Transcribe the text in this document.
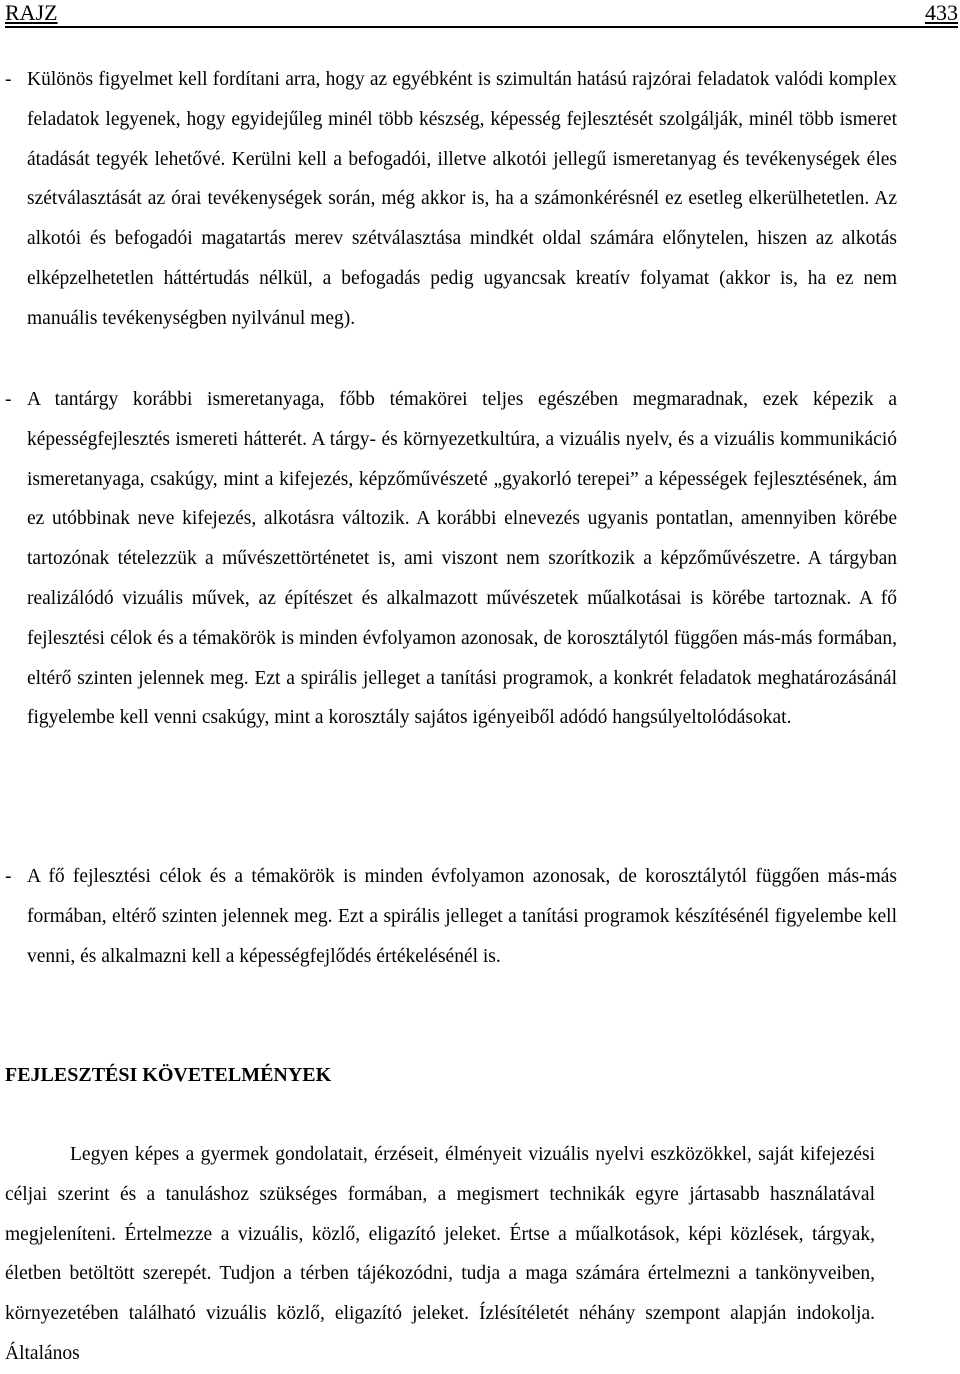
RAJZ	433
- Különös figyelmet kell fordítani arra, hogy az egyébként is szimultán hatású rajzórai feladatok valódi komplex feladatok legyenek, hogy egyidejűleg minél több készség, képesség fejlesztését szolgálják, minél több ismeret átadását tegyék lehetővé. Kerülni kell a befogadói, illetve alkotói jellegű ismeretanyag és tevékenységek éles szétválasztását az órai tevékenységek során, még akkor is, ha a számonkérésnél ez esetleg elkerülhetetlen. Az alkotói és befogadói magatartás merev szétválasztása mindkét oldal számára előnytelen, hiszen az alkotás elképzelhetetlen háttértudás nélkül, a befogadás pedig ugyancsak kreatív folyamat (akkor is, ha ez nem manuális tevékenységben nyilvánul meg).
- A tantárgy korábbi ismeretanyaga, főbb témakörei teljes egészében megmaradnak, ezek képezik a képességfejlesztés ismereti hátterét. A tárgy- és környezetkultúra, a vizuális nyelv, és a vizuális kommunikáció ismeretanyaga, csakúgy, mint a kifejezés, képzőművészeté „gyakorló terepei” a képességek fejlesztésének, ám ez utóbbinak neve kifejezés, alkotásra változik. A korábbi elnevezés ugyanis pontatlan, amennyiben körébe tartozónak tételezzük a művészettörténetet is, ami viszont nem szorítkozik a képzőművészetre. A tárgyban realizálódó vizuális művek, az építészet és alkalmazott művészetek műalkotásai is körébe tartoznak. A fő fejlesztési célok és a témakörök is minden évfolyamon azonosak, de korosztálytól függően más-más formában, eltérő szinten jelennek meg. Ezt a spirális jelleget a tanítási programok, a konkrét feladatok meghatározásánál figyelembe kell venni csakúgy, mint a korosztály sajátos igényeiből adódó hangsúlyeltolódásokat.
- A fő fejlesztési célok és a témakörök is minden évfolyamon azonosak, de korosztálytól függően más-más formában, eltérő szinten jelennek meg. Ezt a spirális jelleget a tanítási programok készítésénél figyelembe kell venni, és alkalmazni kell a képességfejlődés értékelésénél is.
FEJLESZTÉSI KÖVETELMÉNYEK
Legyen képes a gyermek gondolatait, érzéseit, élményeit vizuális nyelvi eszközökkel, saját kifejezési céljai szerint és a tanuláshoz szükséges formában, a megismert technikák egyre jártasabb használatával megjeleníteni. Értelmezze a vizuális, közlő, eligazító jeleket. Értse a műalkotások, képi közlések, tárgyak, életben betöltött szerepét. Tudjon a térben tájékozódni, tudja a maga számára értelmezni a tankönyveiben, környezetében található vizuális közlő, eligazító jeleket. Ízlésítéletét néhány szempont alapján indokolja. Általános
